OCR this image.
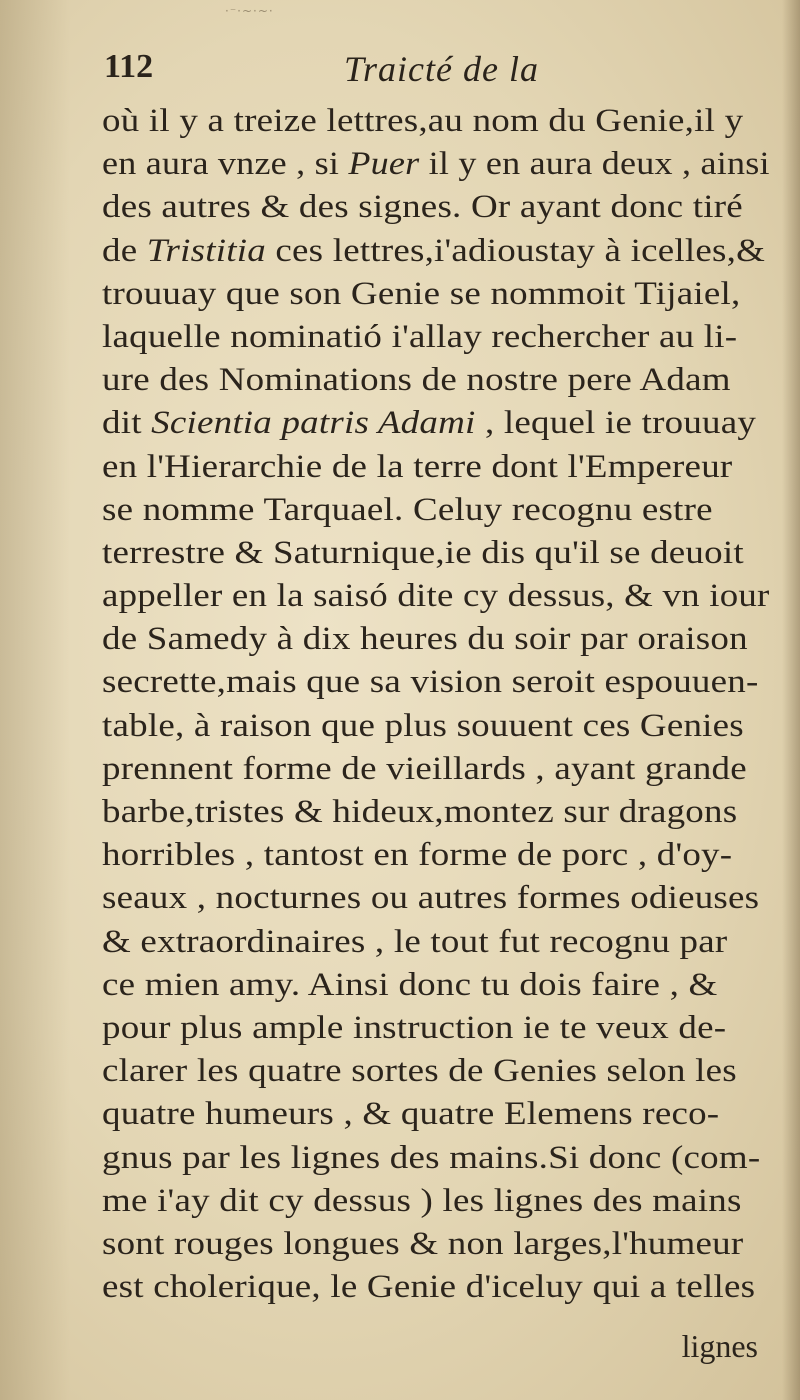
·⁻·~·~·
112	Traicté de la
où il y a treize lettres,au nom du Genie,il y
en aura vnze , si Puer il y en aura deux , ainsi
des autres & des signes. Or ayant donc tiré
de Tristitia ces lettres,i'adioustay à icelles,&
trouuay que son Genie se nommoit Tijaiel,
laquelle nominatió i'allay rechercher au li-
ure des Nominations de nostre pere Adam
dit Scientia patris Adami , lequel ie trouuay
en l'Hierarchie de la terre dont l'Empereur
se nomme Tarquael. Celuy recognu estre
terrestre & Saturnique,ie dis qu'il se deuoit
appeller en la saisó dite cy dessus, & vn iour
de Samedy à dix heures du soir par oraison
secrette,mais que sa vision seroit espouuen-
table, à raison que plus souuent ces Genies
prennent forme de vieillards , ayant grande
barbe,tristes & hideux,montez sur dragons
horribles , tantost en forme de porc , d'oy-
seaux , nocturnes ou autres formes odieuses
& extraordinaires , le tout fut recognu par
ce mien amy. Ainsi donc tu dois faire , &
pour plus ample instruction ie te veux de-
clarer les quatre sortes de Genies selon les
quatre humeurs , & quatre Elemens reco-
gnus par les lignes des mains.Si donc (com-
me i'ay dit cy dessus ) les lignes des mains
sont rouges longues & non larges,l'humeur
est cholerique, le Genie d'iceluy qui a telles
lignes
